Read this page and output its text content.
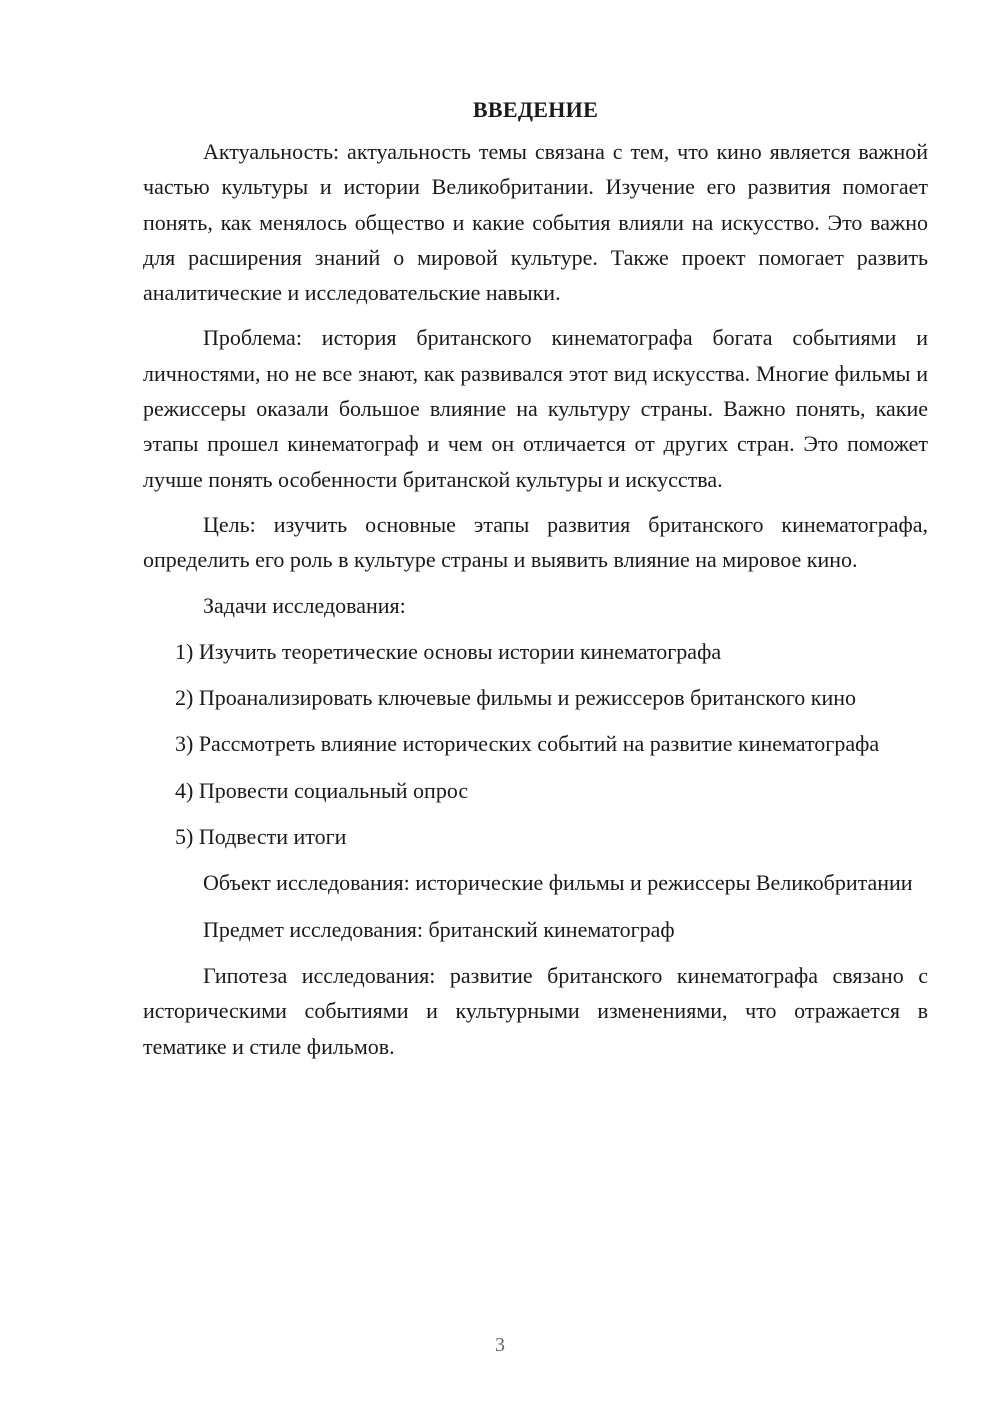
ВВЕДЕНИЕ

Актуальность: актуальность темы связана с тем, что кино является важной частью культуры и истории Великобритании. Изучение его развития помогает понять, как менялось общество и какие события влияли на искусство. Это важно для расширения знаний о мировой культуре. Также проект помогает развить аналитические и исследовательские навыки.

Проблема: история британского кинематографа богата событиями и личностями, но не все знают, как развивался этот вид искусства. Многие фильмы и режиссеры оказали большое влияние на культуру страны. Важно понять, какие этапы прошел кинематограф и чем он отличается от других стран. Это поможет лучше понять особенности британской культуры и искусства.

Цель: изучить основные этапы развития британского кинематографа, определить его роль в культуре страны и выявить влияние на мировое кино.

Задачи исследования:

1) Изучить теоретические основы истории кинематографа

2) Проанализировать ключевые фильмы и режиссеров британского кино

3) Рассмотреть влияние исторических событий на развитие кинематографа

4) Провести социальный опрос

5) Подвести итоги

Объект исследования: исторические фильмы и режиссеры Великобритании

Предмет исследования: британский кинематограф

Гипотеза исследования: развитие британского кинематографа связано с историческими событиями и культурными изменениями, что отражается в тематике и стиле фильмов.

3
